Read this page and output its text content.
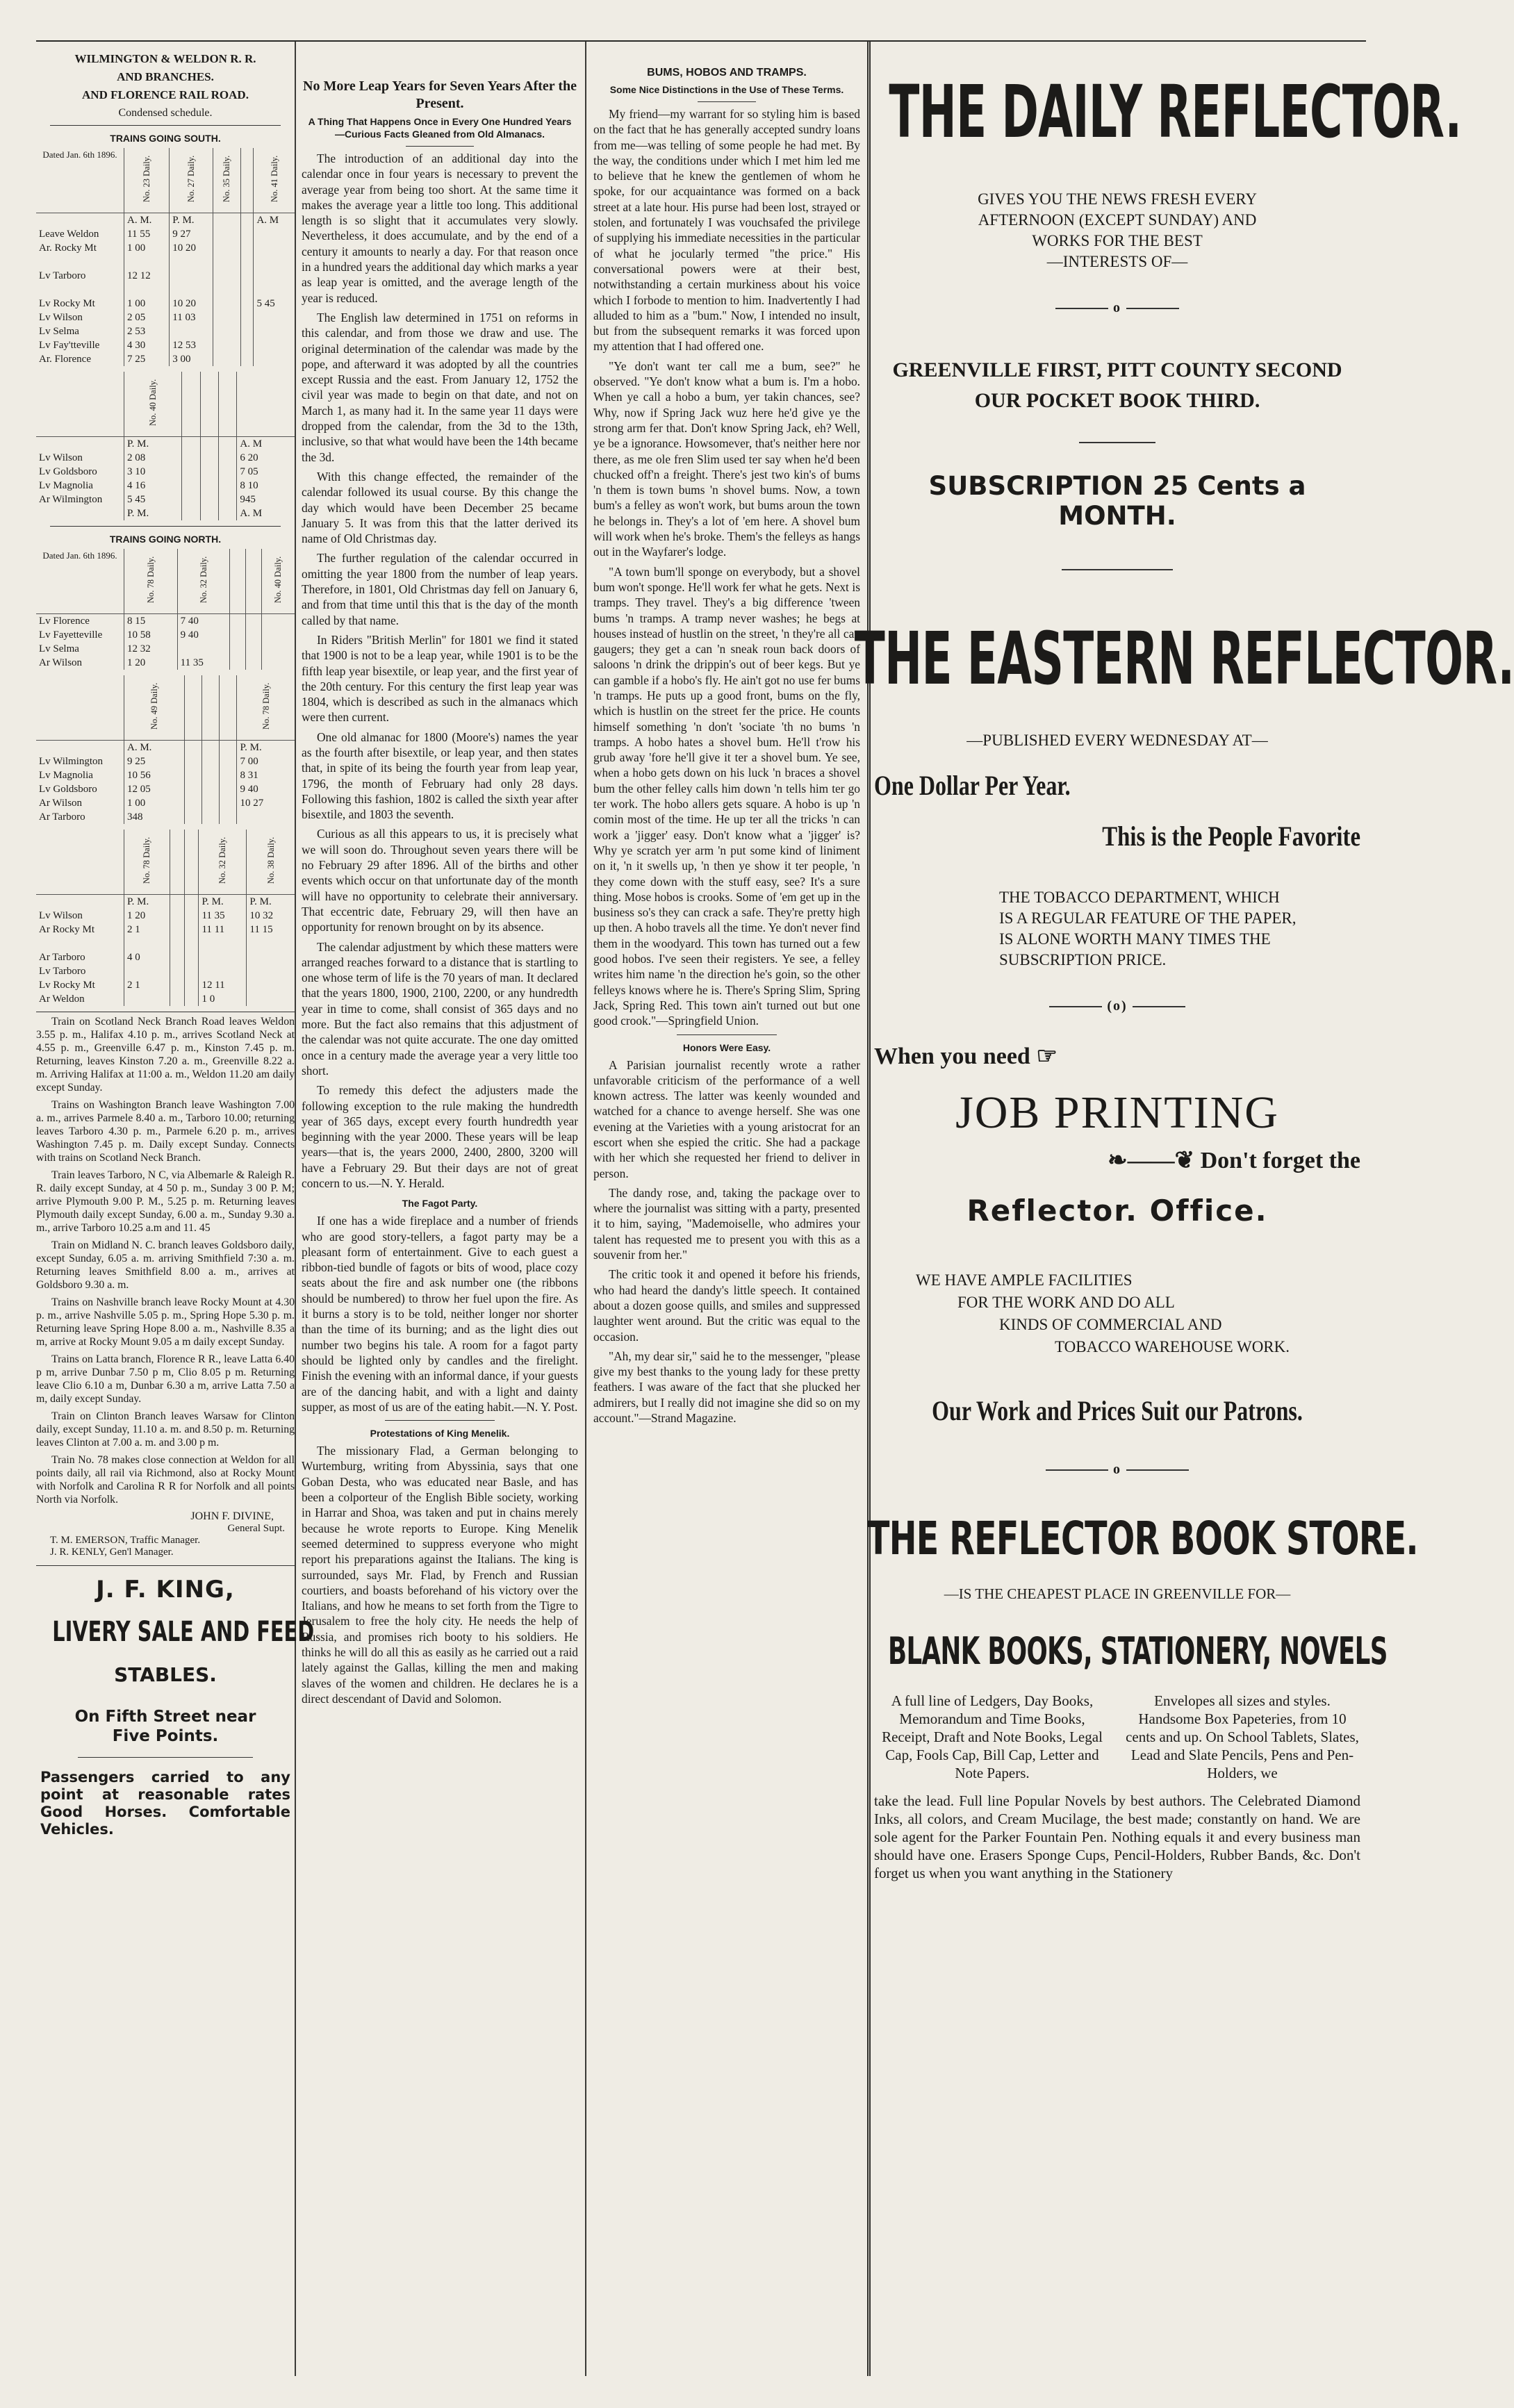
WILMINGTON & WELDON R. R.
AND BRANCHES.
AND FLORENCE RAIL ROAD.
Condensed schedule.
TRAINS GOING SOUTH.
Dated Jan. 6th 1896.	No. 23 Daily.	No. 27 Daily.	No. 35 Daily.		No. 41 Daily.
	A. M.	P. M.			A. M
Leave Weldon	11 55	9 27			
Ar. Rocky Mt	1 00	10 20			

Lv Tarboro	12 12				

Lv Rocky Mt	1 00	10 20			5 45
Lv Wilson	2 05	11 03			
Lv Selma	2 53				
Lv Fay'tteville	4 30	12 53			
Ar. Florence	7 25	3 00			
	No. 40 Daily.				
	P. M.				A. M
Lv Wilson	2 08				6 20
Lv Goldsboro	3 10				7 05
Lv Magnolia	4 16				8 10
Ar Wilmington	5 45				945
	P. M.				A. M
TRAINS GOING NORTH.
Dated Jan. 6th 1896.	No. 78 Daily.	No. 32 Daily.			No. 40 Daily.
Lv Florence	8 15	7 40			
Lv Fayetteville	10 58	9 40			
Lv Selma	12 32				
Ar Wilson	1 20	11 35			
	No. 49 Daily.				No. 78 Daily.
	A. M.				P. M.
Lv Wilmington	9 25				7 00
Lv Magnolia	10 56				8 31
Lv Goldsboro	12 05				9 40
Ar Wilson	1 00				10 27
Ar Tarboro	348				
	No. 78 Daily.			No. 32 Daily.	No. 38 Daily.
	P. M.			P. M.	P. M.
Lv Wilson	1 20			11 35	10 32
Ar Rocky Mt	2 1			11 11	11 15

Ar Tarboro	4 0				
Lv Tarboro					
Lv Rocky Mt	2 1			12 11	
Ar Weldon				1 0	

Train on Scotland Neck Branch Road leaves Weldon 3.55 p. m., Halifax 4.10 p. m., arrives Scotland Neck at 4.55 p. m., Greenville 6.47 p. m., Kinston 7.45 p. m. Returning, leaves Kinston 7.20 a. m., Greenville 8.22 a. m. Arriving Halifax at 11:00 a. m., Weldon 11.20 am daily except Sunday.

Trains on Washington Branch leave Washington 7.00 a. m., arrives Parmele 8.40 a. m., Tarboro 10.00; returning leaves Tarboro 4.30 p. m., Parmele 6.20 p. m., arrives Washington 7.45 p. m. Daily except Sunday. Connects with trains on Scotland Neck Branch.

Train leaves Tarboro, N C, via Albemarle & Raleigh R. R. daily except Sunday, at 4 50 p. m., Sunday 3 00 P. M; arrive Plymouth 9.00 P. M., 5.25 p. m. Returning leaves Plymouth daily except Sunday, 6.00 a. m., Sunday 9.30 a. m., arrive Tarboro 10.25 a.m and 11. 45

Train on Midland N. C. branch leaves Goldsboro daily, except Sunday, 6.05 a. m. arriving Smithfield 7:30 a. m. Returning leaves Smithfield 8.00 a. m., arrives at Goldsboro 9.30 a. m.

Trains on Nashville branch leave Rocky Mount at 4.30 p. m., arrive Nashville 5.05 p. m., Spring Hope 5.30 p. m. Returning leave Spring Hope 8.00 a. m., Nashville 8.35 a m, arrive at Rocky Mount 9.05 a m daily except Sunday.

Trains on Latta branch, Florence R R., leave Latta 6.40 p m, arrive Dunbar 7.50 p m, Clio 8.05 p m. Returning leave Clio 6.10 a m, Dunbar 6.30 a m, arrive Latta 7.50 a m, daily except Sunday.

Train on Clinton Branch leaves Warsaw for Clinton daily, except Sunday, 11.10 a. m. and 8.50 p. m. Returning leaves Clinton at 7.00 a. m. and 3.00 p m.

Train No. 78 makes close connection at Weldon for all points daily, all rail via Richmond, also at Rocky Mount with Norfolk and Carolina R R for Norfolk and all points North via Norfolk.

JOHN F. DIVINE,
General Supt.
T. M. EMERSON, Traffic Manager.
J. R. KENLY, Gen'l Manager.
J. F. KING,
LIVERY SALE AND FEED
STABLES.
On Fifth Street near Five Points.
Passengers carried to any point at reasonable rates Good Horses. Comfortable Vehicles.
No More Leap Years for Seven Years After the Present.
A Thing That Happens Once in Every One Hundred Years—Curious Facts Gleaned from Old Almanacs.

The introduction of an additional day into the calendar once in four years is necessary to prevent the average year from being too short. At the same time it makes the average year a little too long. This additional length is so slight that it accumulates very slowly. Nevertheless, it does accumulate, and by the end of a century it amounts to nearly a day. For that reason once in a hundred years the additional day which marks a year as leap year is omitted, and the average length of the year is reduced.

The English law determined in 1751 on reforms in this calendar, and from those we draw and use. The original determination of the calendar was made by the pope, and afterward it was adopted by all the countries except Russia and the east. From January 12, 1752 the civil year was made to begin on that date, and not on March 1, as many had it. In the same year 11 days were dropped from the calendar, from the 3d to the 13th, inclusive, so that what would have been the 14th became the 3d.

With this change effected, the remainder of the calendar followed its usual course. By this change the day which would have been December 25 became January 5. It was from this that the latter derived its name of Old Christmas day.

The further regulation of the calendar occurred in omitting the year 1800 from the number of leap years. Therefore, in 1801, Old Christmas day fell on January 6, and from that time until this that is the day of the month called by that name.

In Riders "British Merlin" for 1801 we find it stated that 1900 is not to be a leap year, while 1901 is to be the fifth leap year bisextile, or leap year, and the first year of the 20th century. For this century the first leap year was 1804, which is described as such in the almanacs which were then current.

One old almanac for 1800 (Moore's) names the year as the fourth after bisextile, or leap year, and then states that, in spite of its being the fourth year from leap year, 1796, the month of February had only 28 days. Following this fashion, 1802 is called the sixth year after bisextile, and 1803 the seventh.

Curious as all this appears to us, it is precisely what we will soon do. Throughout seven years there will be no February 29 after 1896. All of the births and other events which occur on that unfortunate day of the month will have no opportunity to celebrate their anniversary. That eccentric date, February 29, will then have an opportunity for renown brought on by its absence.

The calendar adjustment by which these matters were arranged reaches forward to a distance that is startling to one whose term of life is the 70 years of man. It declared that the years 1800, 1900, 2100, 2200, or any hundredth year in time to come, shall consist of 365 days and no more. But the fact also remains that this adjustment of the calendar was not quite accurate. The one day omitted once in a century made the average year a very little too short.

To remedy this defect the adjusters made the following exception to the rule making the hundredth year of 365 days, except every fourth hundredth year beginning with the year 2000. These years will be leap years—that is, the years 2000, 2400, 2800, 3200 will have a February 29. But their days are not of great concern to us.—N. Y. Herald.

The Fagot Party.

If one has a wide fireplace and a number of friends who are good story-tellers, a fagot party may be a pleasant form of entertainment. Give to each guest a ribbon-tied bundle of fagots or bits of wood, place cozy seats about the fire and ask number one (the ribbons should be numbered) to throw her fuel upon the fire. As it burns a story is to be told, neither longer nor shorter than the time of its burning; and as the light dies out number two begins his tale. A room for a fagot party should be lighted only by candles and the firelight. Finish the evening with an informal dance, if your guests are of the dancing habit, and with a light and dainty supper, as most of us are of the eating habit.—N. Y. Post.

Protestations of King Menelik.

The missionary Flad, a German belonging to Wurtemburg, writing from Abyssinia, says that one Goban Desta, who was educated near Basle, and has been a colporteur of the English Bible society, working in Harrar and Shoa, was taken and put in chains merely because he wrote reports to Europe. King Menelik seemed determined to suppress everyone who might report his preparations against the Italians. The king is surrounded, says Mr. Flad, by French and Russian courtiers, and boasts beforehand of his victory over the Italians, and how he means to set forth from the Tigre to Jerusalem to free the holy city. He needs the help of Russia, and promises rich booty to his soldiers. He thinks he will do all this as easily as he carried out a raid lately against the Gallas, killing the men and making slaves of the women and children. He declares he is a direct descendant of David and Solomon.

BUMS, HOBOS AND TRAMPS.
Some Nice Distinctions in the Use of These Terms.

My friend—my warrant for so styling him is based on the fact that he has generally accepted sundry loans from me—was telling of some people he had met. By the way, the conditions under which I met him led me to believe that he knew the gentlemen of whom he spoke, for our acquaintance was formed on a back street at a late hour. His purse had been lost, strayed or stolen, and fortunately I was vouchsafed the privilege of supplying his immediate necessities in the particular of what he jocularly termed "the price." His conversational powers were at their best, notwithstanding a certain murkiness about his voice which I forbode to mention to him. Inadvertently I had alluded to him as a "bum." Now, I intended no insult, but from the subsequent remarks it was forced upon my attention that I had offered one.

"Ye don't want ter call me a bum, see?" he observed. "Ye don't know what a bum is. I'm a hobo. When ye call a hobo a bum, yer takin chances, see? Why, now if Spring Jack wuz here he'd give ye the strong arm fer that. Don't know Spring Jack, eh? Well, ye be a ignorance. Howsomever, that's neither here nor there, as me ole fren Slim used ter say when he'd been chucked off'n a freight. There's jest two kin's of bums 'n them is town bums 'n shovel bums. Now, a town bum's a felley as won't work, but bums aroun the town he belongs in. They's a lot of 'em here. A shovel bum will work when he's broke. Them's the felleys as hangs out in the Wayfarer's lodge.

"A town bum'll sponge on everybody, but a shovel bum won't sponge. He'll work fer what he gets. Next is tramps. They travel. They's a big difference 'tween bums 'n tramps. A tramp never washes; he begs at houses instead of hustlin on the street, 'n they're all can gaugers; they get a can 'n sneak roun back doors of saloons 'n drink the drippin's out of beer kegs. But ye can gamble if a hobo's fly. He ain't got no use fer bums 'n tramps. He puts up a good front, bums on the fly, which is hustlin on the street fer the price. He counts himself something 'n don't 'sociate 'th no bums 'n tramps. A hobo hates a shovel bum. He'll t'row his grub away 'fore he'll give it ter a shovel bum. Ye see, when a hobo gets down on his luck 'n braces a shovel bum the other felley calls him down 'n tells him ter go ter work. The hobo allers gets square. A hobo is up 'n comin most of the time. He up ter all the tricks 'n can work a 'jigger' easy. Don't know what a 'jigger' is? Why ye scratch yer arm 'n put some kind of liniment on it, 'n it swells up, 'n then ye show it ter people, 'n they come down with the stuff easy, see? It's a sure thing. Mose hobos is crooks. Some of 'em get up in the business so's they can crack a safe. They're pretty high up then. A hobo travels all the time. Ye don't never find them in the woodyard. This town has turned out a few good hobos. I've seen their registers. Ye see, a felley writes him name 'n the direction he's goin, so the other felleys knows where he is. There's Spring Slim, Spring Jack, Spring Red. This town ain't turned out but one good crook."—Springfield Union.

Honors Were Easy.

A Parisian journalist recently wrote a rather unfavorable criticism of the performance of a well known actress. The latter was keenly wounded and watched for a chance to avenge herself. She was one evening at the Varieties with a young aristocrat for an escort when she espied the critic. She had a package with her which she requested her friend to deliver in person.

The dandy rose, and, taking the package over to where the journalist was sitting with a party, presented it to him, saying, "Mademoiselle, who admires your talent has requested me to present you with this as a souvenir from her."

The critic took it and opened it before his friends, who had heard the dandy's little speech. It contained about a dozen goose quills, and smiles and suppressed laughter went around. But the critic was equal to the occasion.

"Ah, my dear sir," said he to the messenger, "please give my best thanks to the young lady for these pretty feathers. I was aware of the fact that she plucked her admirers, but I really did not imagine she did so on my account."—Strand Magazine.

THE DAILY REFLECTOR.
GIVES YOU THE NEWS FRESH EVERY
AFTERNOON (EXCEPT SUNDAY) AND
WORKS FOR THE BEST
—INTERESTS OF—
o
GREENVILLE FIRST, PITT COUNTY SECOND
OUR POCKET BOOK THIRD.
SUBSCRIPTION 25 Cents a MONTH.
THE EASTERN REFLECTOR.
—PUBLISHED EVERY WEDNESDAY AT—
One Dollar Per Year.
This is the People Favorite
THE TOBACCO DEPARTMENT, WHICH
IS A REGULAR FEATURE OF THE PAPER,
IS ALONE WORTH MANY TIMES THE
SUBSCRIPTION PRICE.
(o)
When you need ☞
JOB PRINTING
❧――❦ Don't forget the
Reflector. Office.
WE HAVE AMPLE FACILITIES
FOR THE WORK AND DO ALL
KINDS OF COMMERCIAL AND
TOBACCO WAREHOUSE WORK.
Our Work and Prices Suit our Patrons.
o
THE REFLECTOR BOOK STORE.
—IS THE CHEAPEST PLACE IN GREENVILLE FOR—
BLANK BOOKS, STATIONERY, NOVELS
A full line of Ledgers, Day Books, Memorandum and Time Books, Receipt, Draft and Note Books, Legal Cap, Fools Cap, Bill Cap, Letter and Note Papers.
Envelopes all sizes and styles. Handsome Box Papeteries, from 10 cents and up. On School Tablets, Slates, Lead and Slate Pencils, Pens and Pen-Holders, we
take the lead. Full line Popular Novels by best authors. The Celebrated Diamond Inks, all colors, and Cream Mucilage, the best made; constantly on hand. We are sole agent for the Parker Fountain Pen. Nothing equals it and every business man should have one. Erasers Sponge Cups, Pencil-Holders, Rubber Bands, &c. Don't forget us when you want anything in the Stationery
